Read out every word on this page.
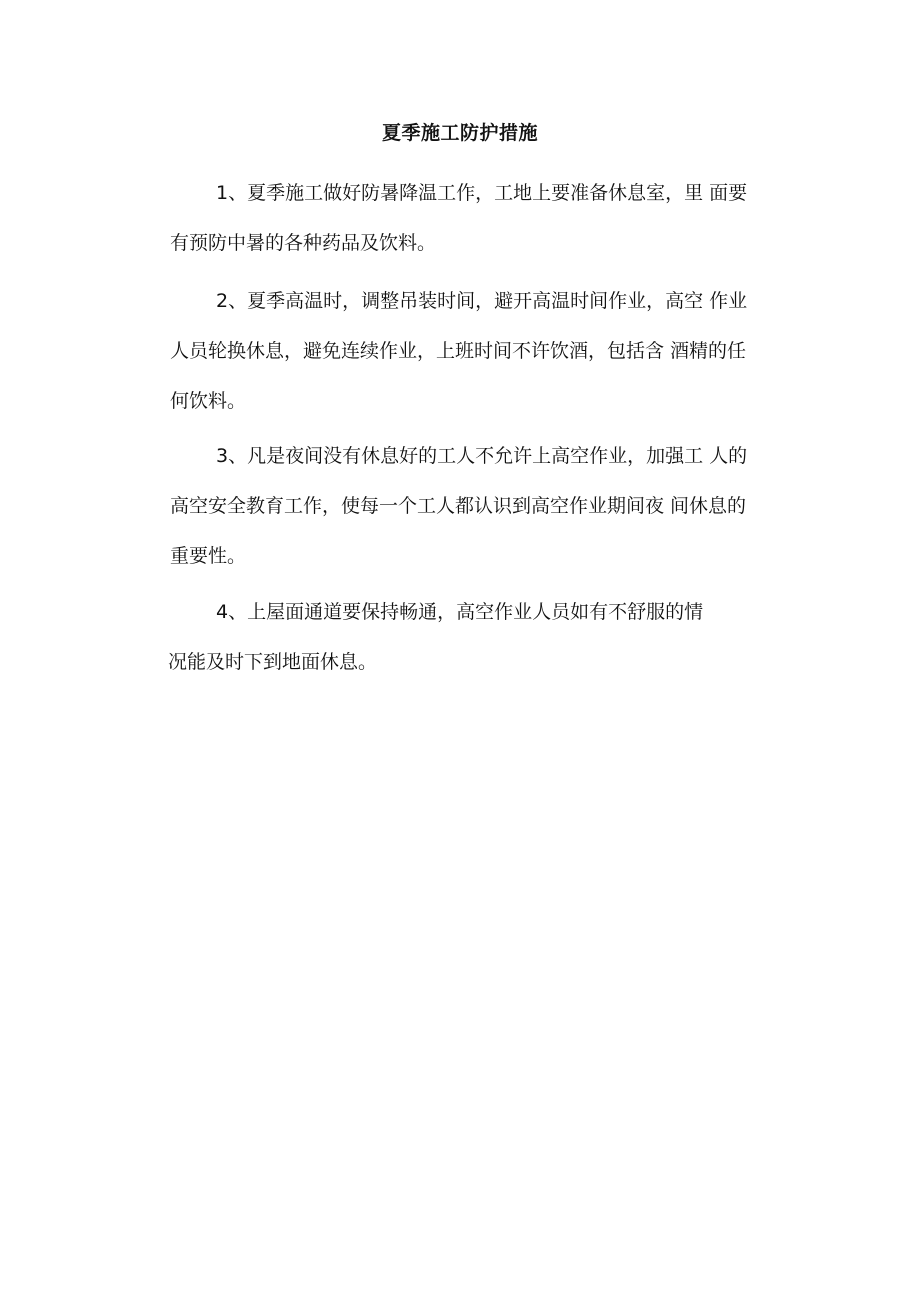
夏季施工防护措施

1、夏季施工做好防暑降温工作，工地上要准备休息室，里 面要
有预防中暑的各种药品及饮料。

2、夏季高温时，调整吊装时间，避开高温时间作业，高空 作业
人员轮换休息，避免连续作业，上班时间不许饮酒，包括含 酒精的任
何饮料。

3、凡是夜间没有休息好的工人不允许上高空作业，加强工 人的
高空安全教育工作，使每一个工人都认识到高空作业期间夜 间休息的
重要性。

4、上屋面通道要保持畅通，高空作业人员如有不舒服的情
况能及时下到地面休息。
